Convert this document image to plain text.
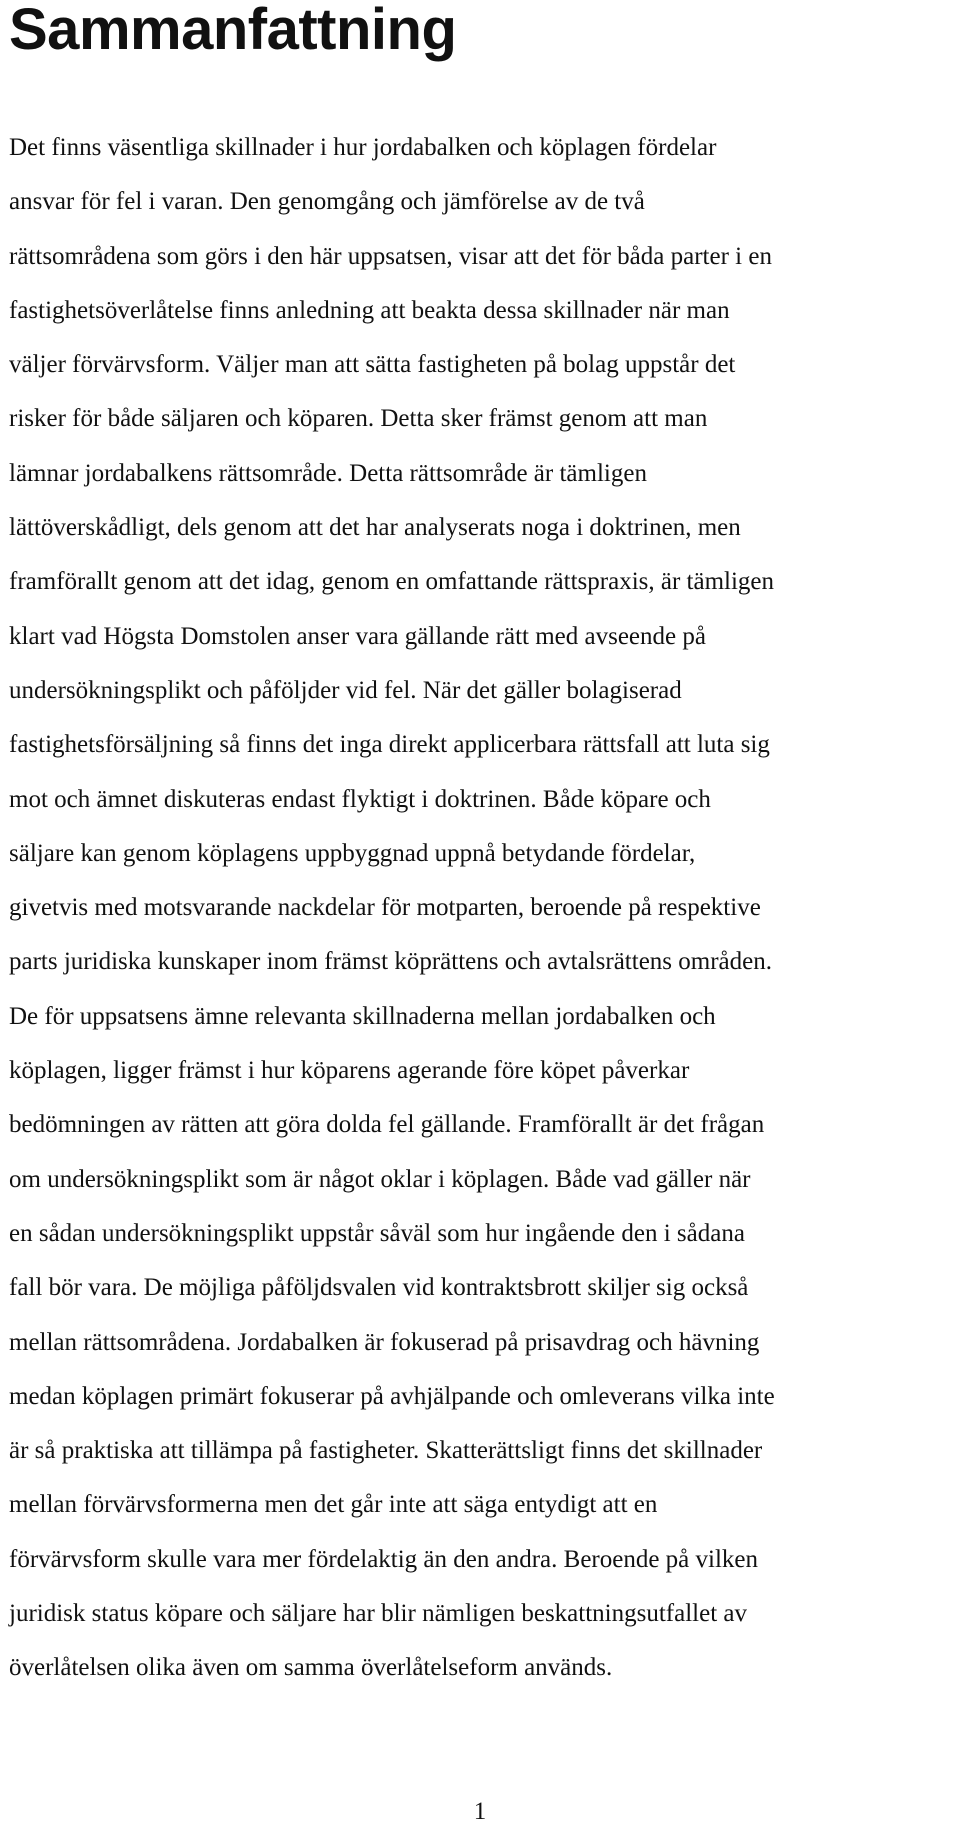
Sammanfattning
Det finns väsentliga skillnader i hur jordabalken och köplagen fördelar
ansvar för fel i varan. Den genomgång och jämförelse av de två
rättsområdena som görs i den här uppsatsen, visar att det för båda parter i en
fastighetsöverlåtelse finns anledning att beakta dessa skillnader när man
väljer förvärvsform. Väljer man att sätta fastigheten på bolag uppstår det
risker för både säljaren och köparen. Detta sker främst genom att man
lämnar jordabalkens rättsområde. Detta rättsområde är tämligen
lättöverskådligt, dels genom att det har analyserats noga i doktrinen, men
framförallt genom att det idag, genom en omfattande rättspraxis, är tämligen
klart vad Högsta Domstolen anser vara gällande rätt med avseende på
undersökningsplikt och påföljder vid fel. När det gäller bolagiserad
fastighetsförsäljning så finns det inga direkt applicerbara rättsfall att luta sig
mot och ämnet diskuteras endast flyktigt i doktrinen. Både köpare och
säljare kan genom köplagens uppbyggnad uppnå betydande fördelar,
givetvis med motsvarande nackdelar för motparten, beroende på respektive
parts juridiska kunskaper inom främst köprättens och avtalsrättens områden.
De för uppsatsens ämne relevanta skillnaderna mellan jordabalken och
köplagen, ligger främst i hur köparens agerande före köpet påverkar
bedömningen av rätten att göra dolda fel gällande. Framförallt är det frågan
om undersökningsplikt som är något oklar i köplagen. Både vad gäller när
en sådan undersökningsplikt uppstår såväl som hur ingående den i sådana
fall bör vara. De möjliga påföljdsvalen vid kontraktsbrott skiljer sig också
mellan rättsområdena. Jordabalken är fokuserad på prisavdrag och hävning
medan köplagen primärt fokuserar på avhjälpande och omleverans vilka inte
är så praktiska att tillämpa på fastigheter. Skatterättsligt finns det skillnader
mellan förvärvsformerna men det går inte att säga entydigt att en
förvärvsform skulle vara mer fördelaktig än den andra. Beroende på vilken
juridisk status köpare och säljare har blir nämligen beskattningsutfallet av
överlåtelsen olika även om samma överlåtelseform används.
1
